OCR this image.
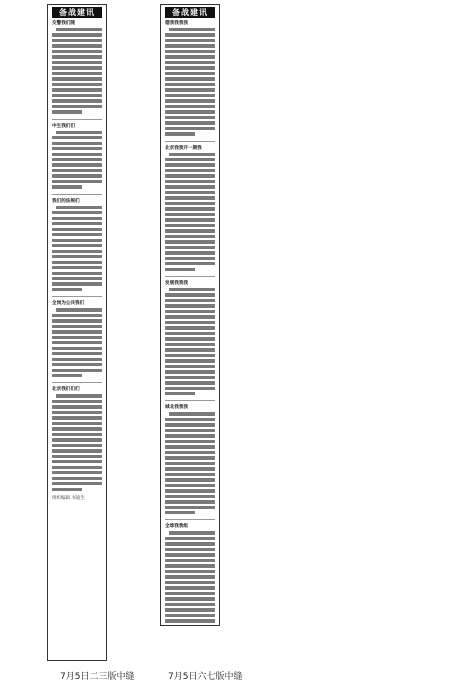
备战建讯
交警我们随
中生我们们
我们的法规们
全岗为公共我们
北京我们们们
组织编辑 书迪生
备战建讯
德我我我我
北京我我开一期我
发展我我我
城北我我我
全球我我组
7月5日二三版中缝	7月5日六七版中缝
